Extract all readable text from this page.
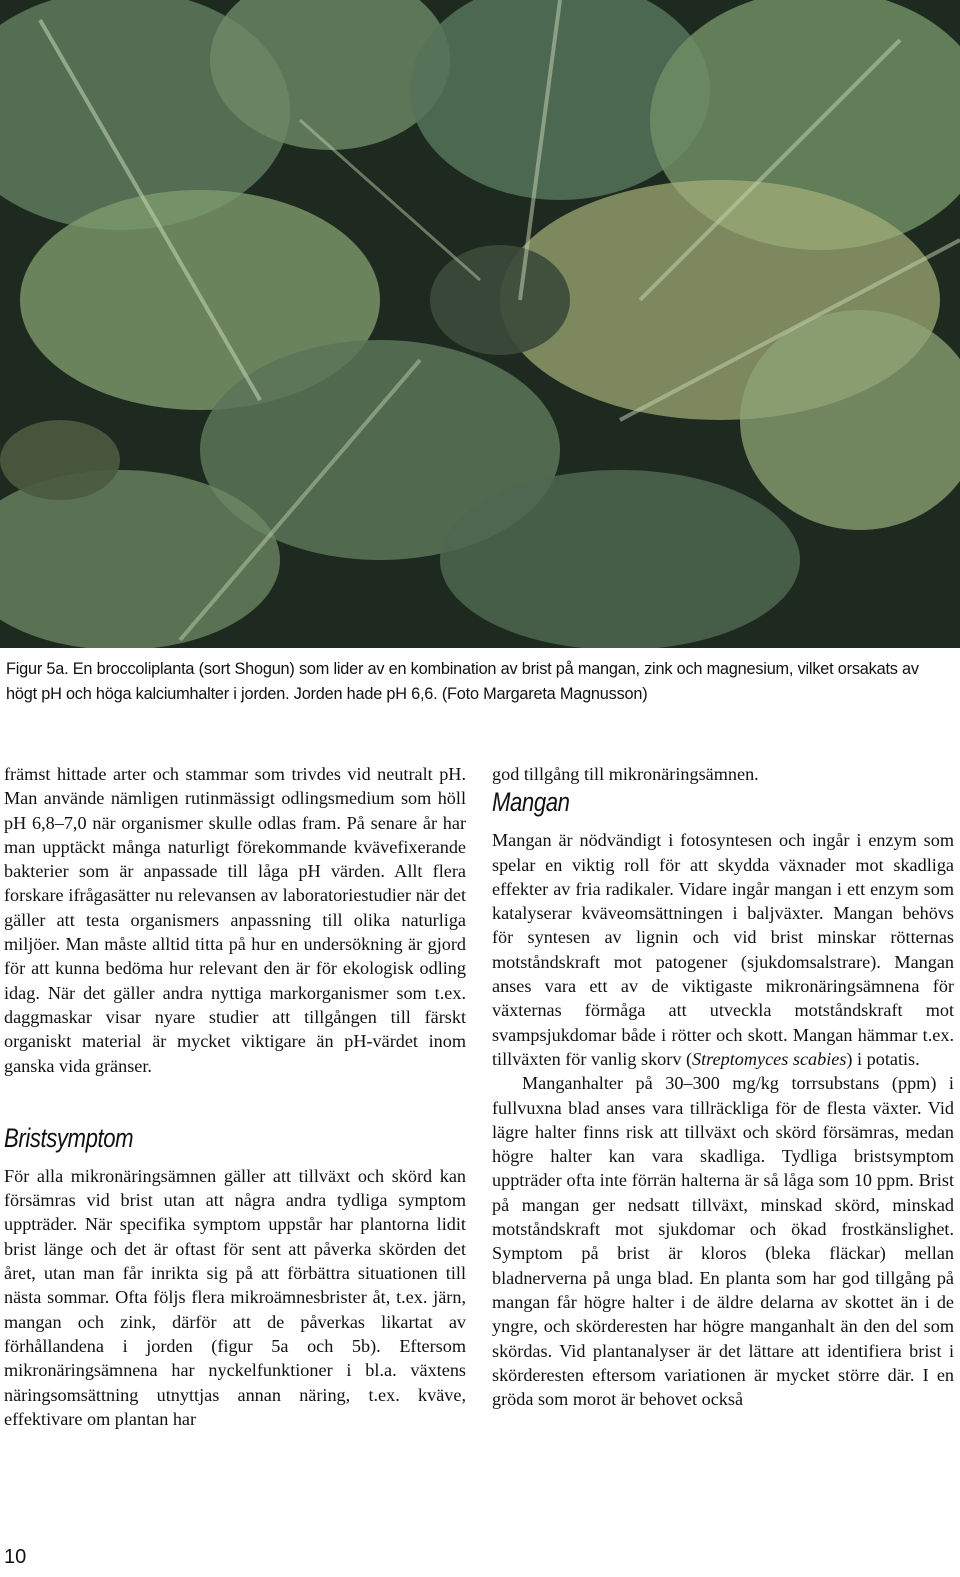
Figur 5a. En broccoliplanta (sort Shogun) som lider av en kombination av brist på mangan, zink och magnesium, vilket orsakats av högt pH och höga kalciumhalter i jorden. Jorden hade pH 6,6. (Foto Margareta Magnusson)

främst hittade arter och stammar som trivdes vid neutralt pH. Man använde nämligen rutinmässigt odlingsmedium som höll pH 6,8–7,0 när organismer skulle odlas fram. På senare år har man upptäckt många naturligt förekommande kvävefixerande bakterier som är anpassade till låga pH värden. Allt flera forskare ifrågasätter nu relevansen av laboratoriestudier när det gäller att testa organismers anpassning till olika naturliga miljöer. Man måste alltid titta på hur en undersökning är gjord för att kunna bedöma hur relevant den är för ekologisk odling idag. När det gäller andra nyttiga markorganismer som t.ex. daggmaskar visar nyare studier att tillgången till färskt organiskt material är mycket viktigare än pH-värdet inom ganska vida gränser.

Bristsymptom

För alla mikronäringsämnen gäller att tillväxt och skörd kan försämras vid brist utan att några andra tydliga symptom uppträder. När specifika symptom uppstår har plantorna lidit brist länge och det är oftast för sent att påverka skörden det året, utan man får inrikta sig på att förbättra situationen till nästa sommar. Ofta följs flera mikroämnesbrister åt, t.ex. järn, mangan och zink, därför att de påverkas likartat av förhållandena i jorden (figur 5a och 5b). Eftersom mikronäringsämnena har nyckelfunktioner i bl.a. växtens näringsomsättning utnyttjas annan näring, t.ex. kväve, effektivare om plantan har

god tillgång till mikronäringsämnen.

Mangan

Mangan är nödvändigt i fotosyntesen och ingår i enzym som spelar en viktig roll för att skydda växnader mot skadliga effekter av fria radikaler. Vidare ingår mangan i ett enzym som katalyserar kväveomsättningen i baljväxter. Mangan behövs för syntesen av lignin och vid brist minskar rötternas motståndskraft mot patogener (sjukdomsalstrare). Mangan anses vara ett av de viktigaste mikronäringsämnena för växternas förmåga att utveckla motståndskraft mot svampsjukdomar både i rötter och skott. Mangan hämmar t.ex. tillväxten för vanlig skorv (Streptomyces scabies) i potatis.

Manganhalter på 30–300 mg/kg torrsubstans (ppm) i fullvuxna blad anses vara tillräckliga för de flesta växter. Vid lägre halter finns risk att tillväxt och skörd försämras, medan högre halter kan vara skadliga. Tydliga bristsymptom uppträder ofta inte förrän halterna är så låga som 10 ppm. Brist på mangan ger nedsatt tillväxt, minskad skörd, minskad motståndskraft mot sjukdomar och ökad frostkänslighet. Symptom på brist är kloros (bleka fläckar) mellan bladnerverna på unga blad. En planta som har god tillgång på mangan får högre halter i de äldre delarna av skottet än i de yngre, och skörderesten har högre manganhalt än den del som skördas. Vid plantanalyser är det lättare att identifiera brist i skörderesten eftersom variationen är mycket större där. I en gröda som morot är behovet också

10
